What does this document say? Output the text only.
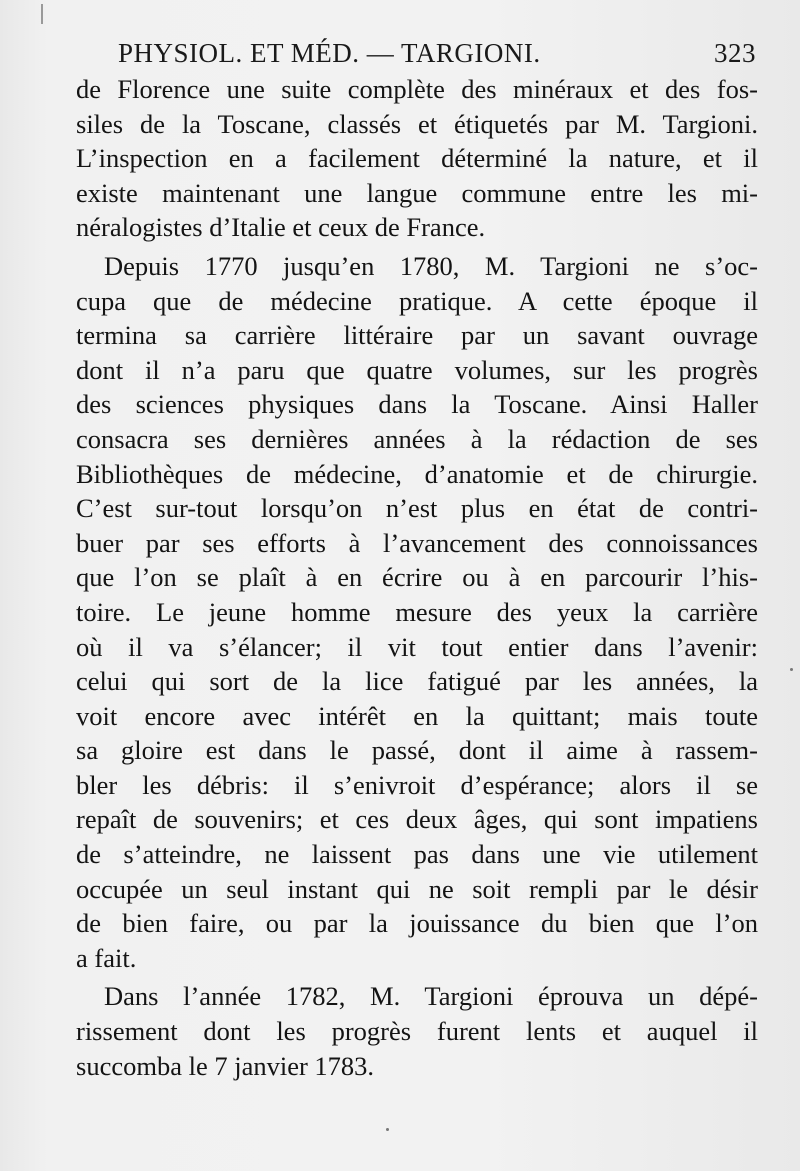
PHYSIOL. ET MÉD. — TARGIONI.	323
de Florence une suite complète des minéraux et des fos-
siles de la Toscane, classés et étiquetés par M. Targioni.
L’inspection en a facilement déterminé la nature, et il
existe maintenant une langue commune entre les mi-
néralogistes d’Italie et ceux de France.
Depuis 1770 jusqu’en 1780, M. Targioni ne s’oc-
cupa que de médecine pratique. A cette époque il
termina sa carrière littéraire par un savant ouvrage
dont il n’a paru que quatre volumes, sur les progrès
des sciences physiques dans la Toscane. Ainsi Haller
consacra ses dernières années à la rédaction de ses
Bibliothèques de médecine, d’anatomie et de chirurgie.
C’est sur-tout lorsqu’on n’est plus en état de contri-
buer par ses efforts à l’avancement des connoissances
que l’on se plaît à en écrire ou à en parcourir l’his-
toire. Le jeune homme mesure des yeux la carrière
où il va s’élancer; il vit tout entier dans l’avenir:
celui qui sort de la lice fatigué par les années, la
voit encore avec intérêt en la quittant; mais toute
sa gloire est dans le passé, dont il aime à rassem-
bler les débris: il s’enivroit d’espérance; alors il se
repaît de souvenirs; et ces deux âges, qui sont impatiens
de s’atteindre, ne laissent pas dans une vie utilement
occupée un seul instant qui ne soit rempli par le désir
de bien faire, ou par la jouissance du bien que l’on
a fait.
Dans l’année 1782, M. Targioni éprouva un dépé-
rissement dont les progrès furent lents et auquel il
succomba le 7 janvier 1783.
